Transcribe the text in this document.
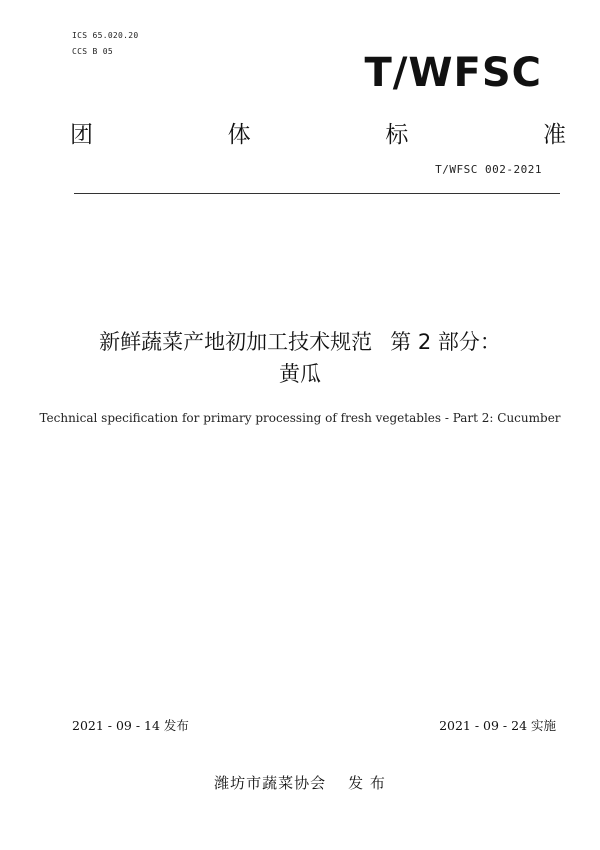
ICS 65.020.20
CCS B 05	T/WFSC
团	体	标	准
T/WFSC 002-2021
新鲜蔬菜产地初加工技术规范 第 2 部分：
黄瓜
Technical specification for primary processing of fresh vegetables - Part 2: Cucumber
2021 - 09 - 14 发布	2021 - 09 - 24 实施
潍坊市蔬菜协会 发 布
